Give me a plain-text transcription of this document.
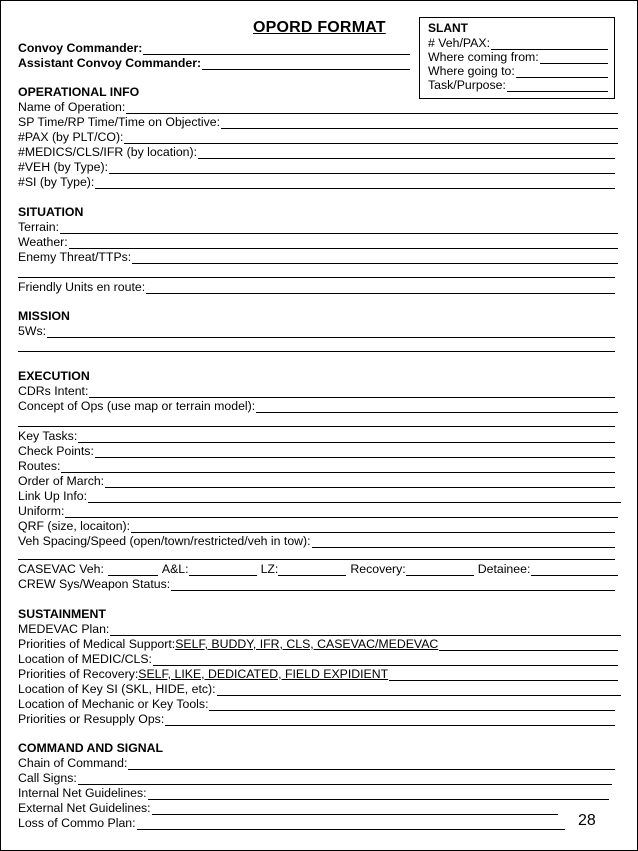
OPORD FORMAT
Convoy Commander:
Assistant Convoy Commander:
SLANT
# Veh/PAX:
Where coming from:
Where going to:
Task/Purpose:
OPERATIONAL INFO
Name of Operation:
SP Time/RP Time/Time on Objective:
#PAX (by PLT/CO):
#MEDICS/CLS/IFR (by location):
#VEH (by Type):
#SI (by Type):
SITUATION
Terrain:
Weather:
Enemy Threat/TTPs:
Friendly Units en route:
MISSION
5Ws:
EXECUTION
CDRs Intent:
Concept of Ops (use map or terrain model):
Key Tasks:
Check Points:
Routes:
Order of March:
Link Up Info:
Uniform:
QRF (size, locaiton):
Veh Spacing/Speed (open/town/restricted/veh in tow):
CASEVAC Veh:	A&L:	LZ:	Recovery:	Detainee:
CREW Sys/Weapon Status:
SUSTAINMENT
MEDEVAC Plan:
Priorities of Medical Support: SELF, BUDDY, IFR, CLS, CASEVAC/MEDEVAC
Location of MEDIC/CLS:
Priorities of Recovery: SELF, LIKE, DEDICATED, FIELD EXPIDIENT
Location of Key SI (SKL, HIDE, etc):
Location of Mechanic or Key Tools:
Priorities or Resupply Ops:
COMMAND AND SIGNAL
Chain of Command:
Call Signs:
Internal Net Guidelines:
External Net Guidelines:
Loss of Commo Plan:	28
